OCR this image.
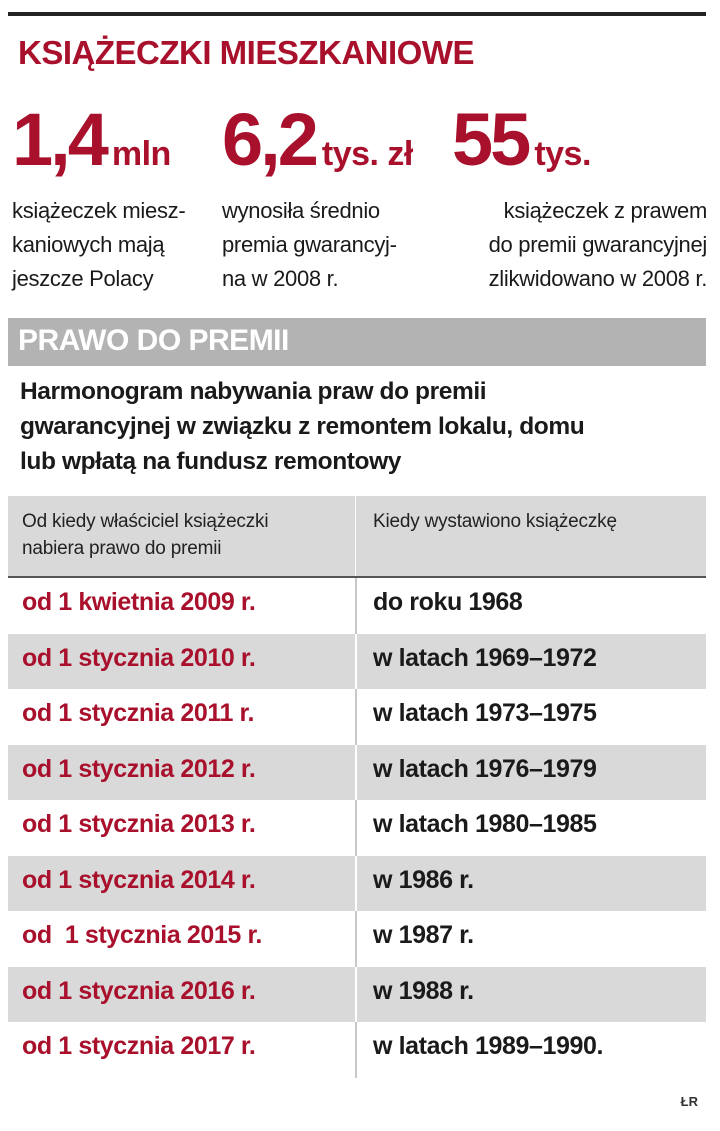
KSIĄŻECZKI MIESZKANIOWE
1,4 mln
książeczek miesz-
kaniowych mają
jeszcze Polacy
6,2 tys. zł
wynosiła średnio
premia gwarancyj-
na w 2008 r.
55 tys.
książeczek z prawem
do premii gwarancyjnej
zlikwidowano w 2008 r.
PRAWO DO PREMII
Harmonogram nabywania praw do premii
gwarancyjnej w związku z remontem lokalu, domu
lub wpłatą na fundusz remontowy
Od kiedy właściciel książeczki
nabiera prawo do premii
Kiedy wystawiono książeczkę
od 1 kwietnia 2009 r.	do roku 1968
od 1 stycznia 2010 r.	w latach 1969–1972
od 1 stycznia 2011 r.	w latach 1973–1975
od 1 stycznia 2012 r.	w latach 1976–1979
od 1 stycznia 2013 r.	w latach 1980–1985
od 1 stycznia 2014 r.	w 1986 r.
od  1 stycznia 2015 r.	w 1987 r.
od 1 stycznia 2016 r.	w 1988 r.
od 1 stycznia 2017 r.	w latach 1989–1990.
ŁR
